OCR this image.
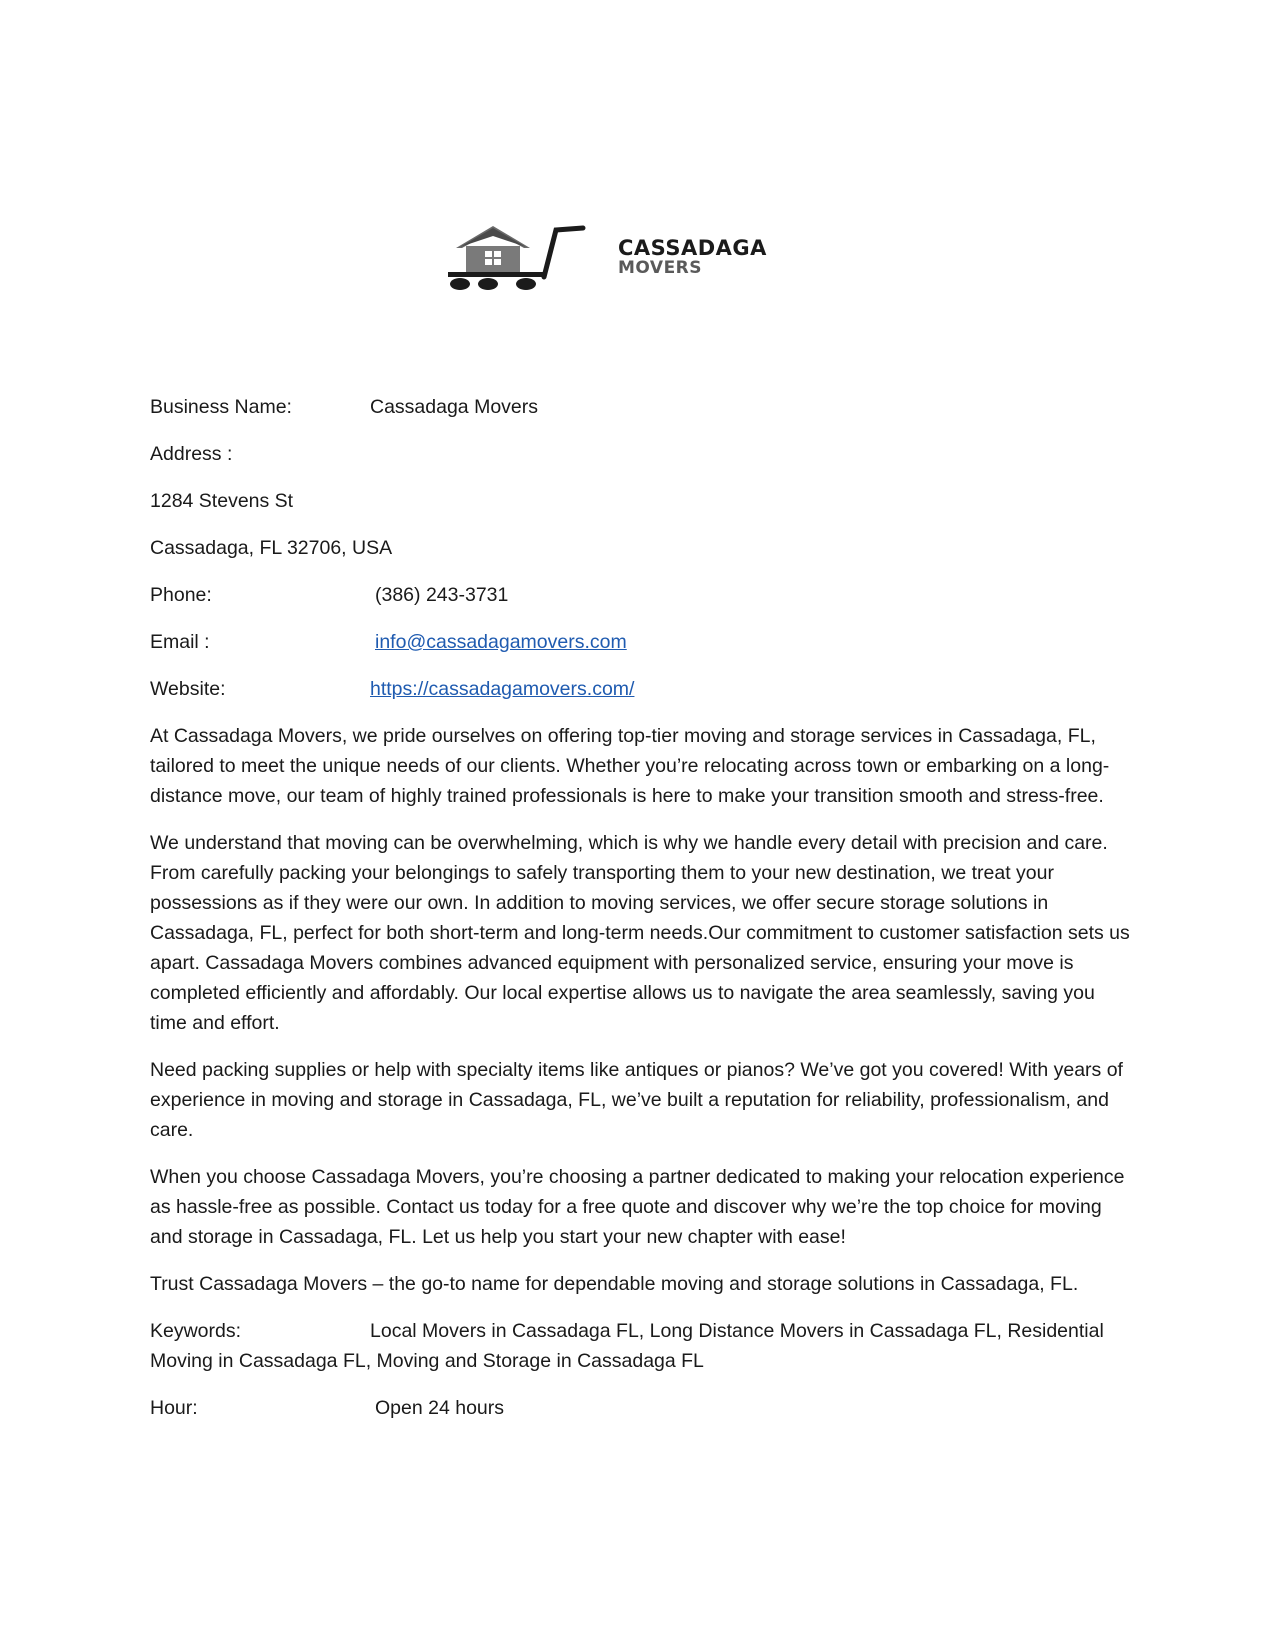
CASSADAGA
MOVERS
Business Name:	Cassadaga Movers
Address :
1284 Stevens St
Cassadaga, FL 32706, USA
Phone:	(386) 243-3731
Email :	info@cassadagamovers.com
Website:	https://cassadagamovers.com/

At Cassadaga Movers, we pride ourselves on offering top-tier moving and storage services in Cassadaga, FL, tailored to meet the unique needs of our clients. Whether you’re relocating across town or embarking on a long-distance move, our team of highly trained professionals is here to make your transition smooth and stress-free.

We understand that moving can be overwhelming, which is why we handle every detail with precision and care. From carefully packing your belongings to safely transporting them to your new destination, we treat your possessions as if they were our own. In addition to moving services, we offer secure storage solutions in Cassadaga, FL, perfect for both short-term and long-term needs.Our commitment to customer satisfaction sets us apart. Cassadaga Movers combines advanced equipment with personalized service, ensuring your move is completed efficiently and affordably. Our local expertise allows us to navigate the area seamlessly, saving you time and effort.

Need packing supplies or help with specialty items like antiques or pianos? We’ve got you covered! With years of experience in moving and storage in Cassadaga, FL, we’ve built a reputation for reliability, professionalism, and care.

When you choose Cassadaga Movers, you’re choosing a partner dedicated to making your relocation experience as hassle-free as possible. Contact us today for a free quote and discover why we’re the top choice for moving and storage in Cassadaga, FL. Let us help you start your new chapter with ease!

Trust Cassadaga Movers – the go-to name for dependable moving and storage solutions in Cassadaga, FL.

Keywords:	Local Movers in Cassadaga FL, Long Distance Movers in Cassadaga FL, Residential Moving in Cassadaga FL, Moving and Storage in Cassadaga FL
Hour:	Open 24 hours
